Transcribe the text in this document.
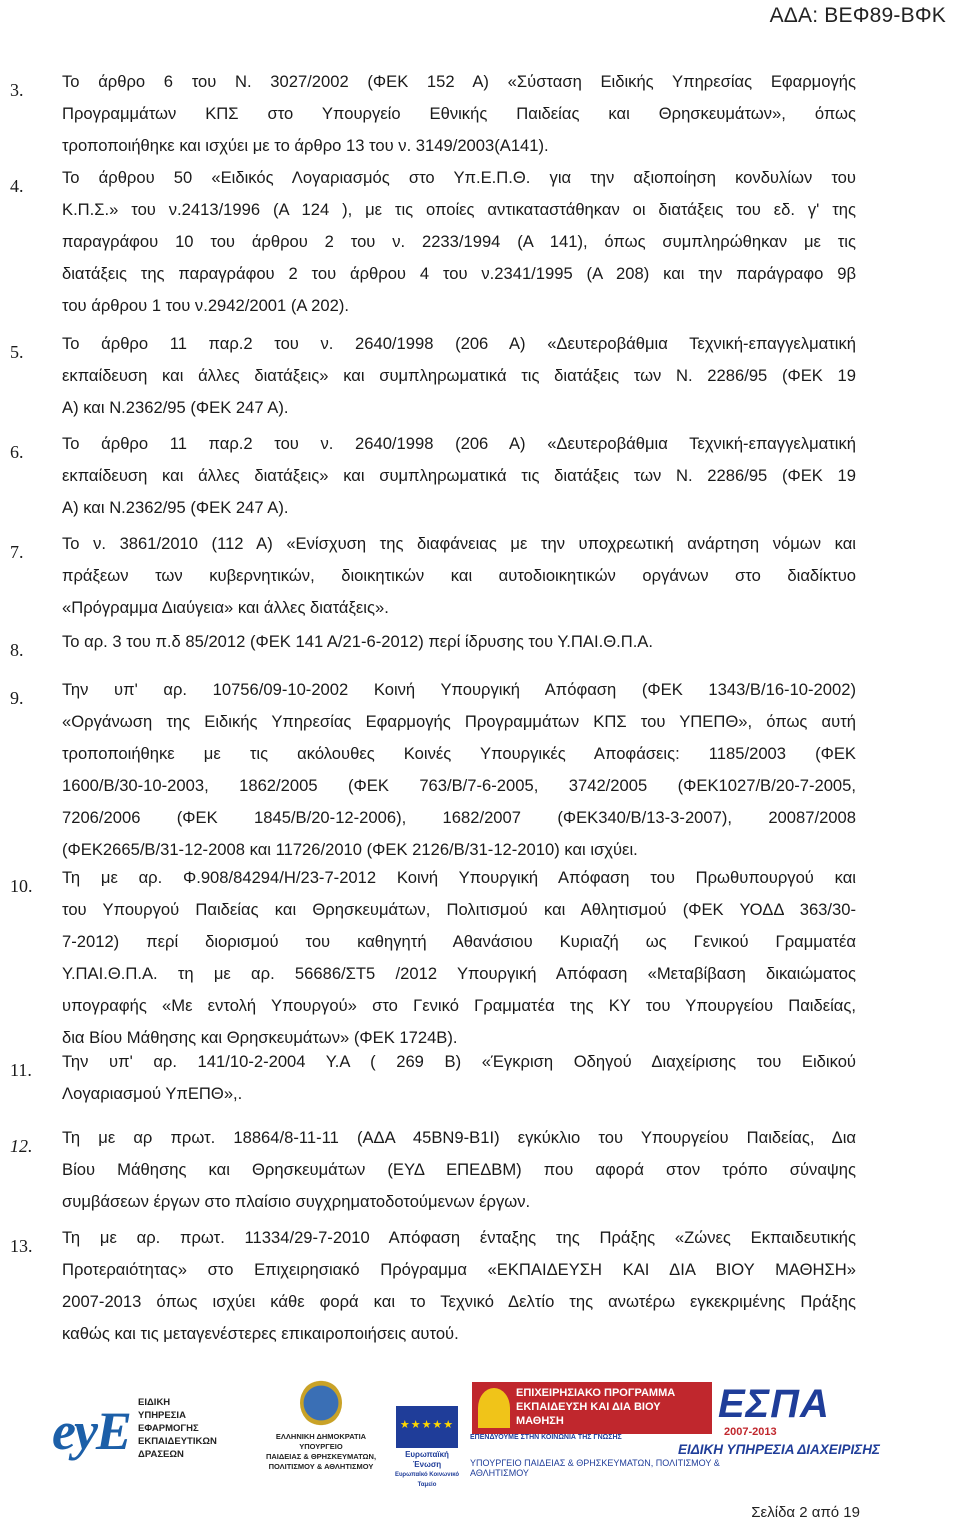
ΑΔΑ: ΒΕΦ89-ΒΦΚ
3. Το άρθρο 6 του Ν. 3027/2002 (ΦΕΚ 152 Α) «Σύσταση Ειδικής Υπηρεσίας Εφαρμογής
Προγραμμάτων ΚΠΣ στο Υπουργείο Εθνικής Παιδείας και Θρησκευμάτων», όπως
τροποποιήθηκε και ισχύει με το άρθρο 13 του ν. 3149/2003(Α141).
4. Το άρθρου 50 «Ειδικός Λογαριασμός στο Υπ.Ε.Π.Θ. για την αξιοποίηση κονδυλίων του
Κ.Π.Σ.» του ν.2413/1996 (Α 124 ), με τις οποίες αντικαταστάθηκαν οι διατάξεις του εδ. γ' της
παραγράφου 10 του άρθρου 2 του ν. 2233/1994 (Α 141), όπως συμπληρώθηκαν με τις
διατάξεις της παραγράφου 2 του άρθρου 4 του ν.2341/1995 (Α 208) και την παράγραφο 9β
του άρθρου 1 του ν.2942/2001 (Α 202).
5. Το άρθρο 11 παρ.2 του ν. 2640/1998 (206 Α) «Δευτεροβάθμια Τεχνική-επαγγελματική
εκπαίδευση και άλλες διατάξεις» και συμπληρωματικά τις διατάξεις των Ν. 2286/95 (ΦΕΚ 19
Α) και Ν.2362/95 (ΦΕΚ 247 Α).
6. Το άρθρο 11 παρ.2 του ν. 2640/1998 (206 Α) «Δευτεροβάθμια Τεχνική-επαγγελματική
εκπαίδευση και άλλες διατάξεις» και συμπληρωματικά τις διατάξεις των Ν. 2286/95 (ΦΕΚ 19
Α) και Ν.2362/95 (ΦΕΚ 247 Α).
7. Το ν. 3861/2010 (112 Α) «Ενίσχυση της διαφάνειας με την υποχρεωτική ανάρτηση νόμων και
πράξεων των κυβερνητικών, διοικητικών και αυτοδιοικητικών οργάνων στο διαδίκτυο
«Πρόγραμμα Διαύγεια» και άλλες διατάξεις».
8. Το αρ. 3 του π.δ 85/2012 (ΦΕΚ 141 Α/21-6-2012) περί ίδρυσης του Υ.ΠΑΙ.Θ.Π.Α.
9. Την υπ' αρ. 10756/09-10-2002 Κοινή Υπουργική Απόφαση (ΦΕΚ 1343/Β/16-10-2002)
«Οργάνωση της Ειδικής Υπηρεσίας Εφαρμογής Προγραμμάτων ΚΠΣ του ΥΠΕΠΘ», όπως αυτή
τροποποιήθηκε με τις ακόλουθες Κοινές Υπουργικές Αποφάσεις: 1185/2003 (ΦΕΚ
1600/Β/30-10-2003, 1862/2005 (ΦΕΚ 763/Β/7-6-2005, 3742/2005 (ΦΕΚ1027/Β/20-7-2005,
7206/2006 (ΦΕΚ 1845/Β/20-12-2006), 1682/2007 (ΦΕΚ340/Β/13-3-2007), 20087/2008
(ΦΕΚ2665/Β/31-12-2008 και 11726/2010 (ΦΕΚ 2126/Β/31-12-2010) και ισχύει.
10. Τη με αρ. Φ.908/84294/Η/23-7-2012 Κοινή Υπουργική Απόφαση του Πρωθυπουργού και
του Υπουργού Παιδείας και Θρησκευμάτων, Πολιτισμού και Αθλητισμού (ΦΕΚ ΥΟΔΔ 363/30-
7-2012) περί διορισμού του καθηγητή Αθανάσιου Κυριαζή ως Γενικού Γραμματέα
Υ.ΠΑΙ.Θ.Π.Α. τη με αρ. 56686/ΣΤ5 /2012 Υπουργική Απόφαση «Μεταβίβαση δικαιώματος
υπογραφής «Με εντολή Υπουργού» στο Γενικό Γραμματέα της ΚΥ του Υπουργείου Παιδείας,
δια Βίου Μάθησης και Θρησκευμάτων» (ΦΕΚ 1724Β).
11. Την υπ' αρ. 141/10-2-2004 Υ.Α ( 269 Β) «Έγκριση Οδηγού Διαχείρισης του Ειδικού
Λογαριασμού ΥπΕΠΘ»,.
12. Τη με αρ πρωτ. 18864/8-11-11 (ΑΔΑ 45ΒΝ9-Β1Ι) εγκύκλιο του Υπουργείου Παιδείας, Δια
Βίου Μάθησης και Θρησκευμάτων (ΕΥΔ ΕΠΕΔΒΜ) που αφορά στον τρόπο σύναψης
συμβάσεων έργων στο πλαίσιο συγχρηματοδοτούμενων έργων.
13. Τη με αρ. πρωτ. 11334/29-7-2010 Απόφαση ένταξης της Πράξης «Ζώνες Εκπαιδευτικής
Προτεραιότητας» στο Επιχειρησιακό Πρόγραμμα «ΕΚΠΑΙΔΕΥΣΗ ΚΑΙ ΔΙΑ ΒΙΟΥ ΜΑΘΗΣΗ»
2007-2013 όπως ισχύει κάθε φορά και το Τεχνικό Δελτίο της ανωτέρω εγκεκριμένης Πράξης
καθώς και τις μεταγενέστερες επικαιροποιήσεις αυτού.
eyE ΕΙΔΙΚΗ
ΥΠΗΡΕΣΙΑ
ΕΦΑΡΜΟΓΗΣ
ΕΚΠΑΙΔΕΥΤΙΚΩΝ
ΔΡΑΣΕΩΝ
ΕΛΛΗΝΙΚΗ ΔΗΜΟΚΡΑΤΙΑ
ΥΠΟΥΡΓΕΙΟ
ΠΑΙΔΕΙΑΣ & ΘΡΗΣΚΕΥΜΑΤΩΝ,
ΠΟΛΙΤΙΣΜΟΥ & ΑΘΛΗΤΙΣΜΟΥ
★★★★★
Ευρωπαϊκή Ένωση
Ευρωπαϊκό Κοινωνικό Ταμείο
ΕΠΙΧΕΙΡΗΣΙΑΚΟ ΠΡΟΓΡΑΜΜΑ
ΕΚΠΑΙΔΕΥΣΗ ΚΑΙ ΔΙΑ ΒΙΟΥ ΜΑΘΗΣΗ	ΕΣΠΑ
2007-2013
ΕΙΔΙΚΗ ΥΠΗΡΕΣΙΑ ΔΙΑΧΕΙΡΙΣΗΣ
ΥΠΟΥΡΓΕΙΟ ΠΑΙΔΕΙΑΣ & ΘΡΗΣΚΕΥΜΑΤΩΝ, ΠΟΛΙΤΙΣΜΟΥ & ΑΘΛΗΤΙΣΜΟΥ
ΕΠΕΝΔΥΟΥΜΕ ΣΤΗΝ ΚΟΙΝΩΝΙΑ ΤΗΣ ΓΝΩΣΗΣ
Σελίδα 2 από 19
